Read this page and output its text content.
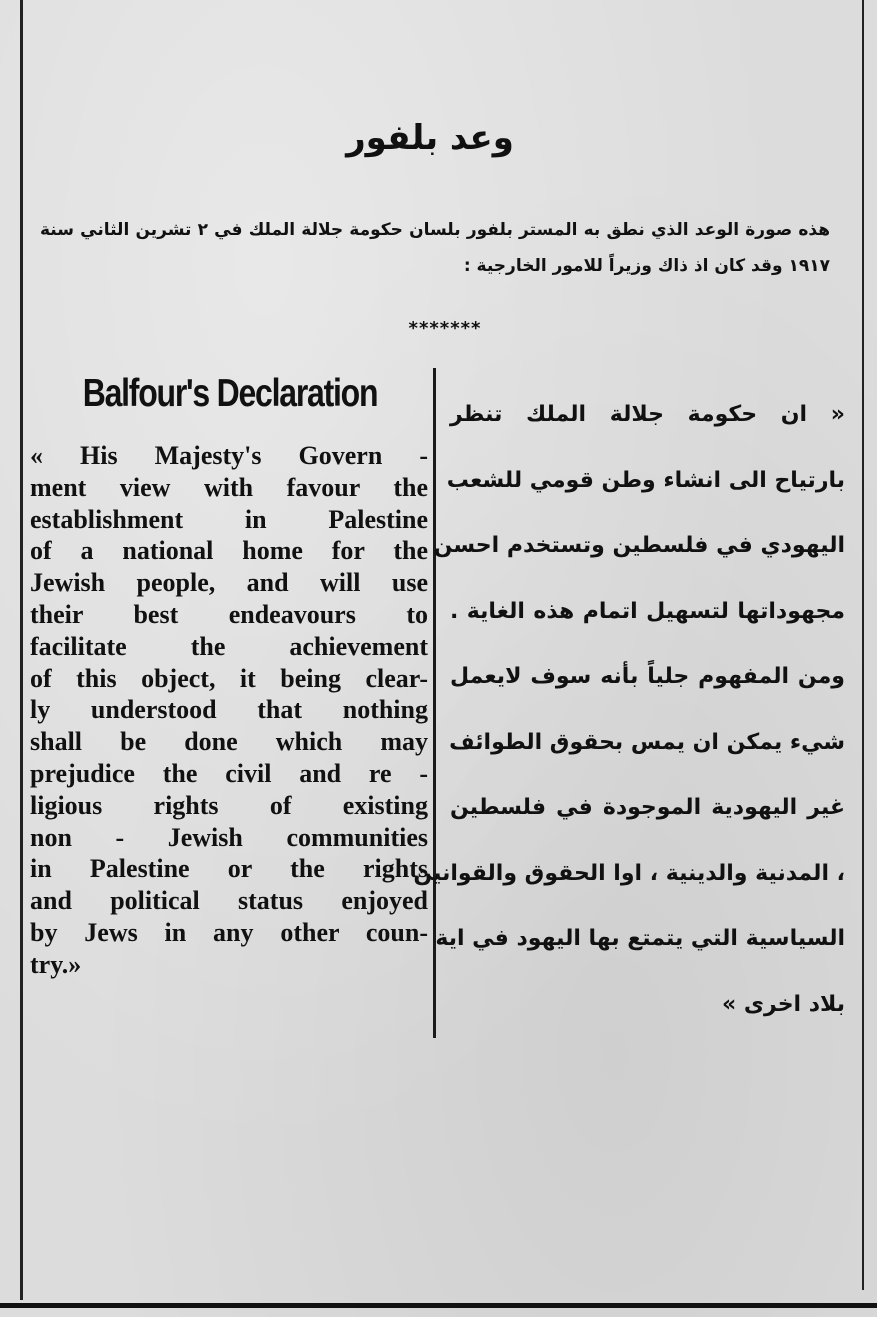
وعد بلفور
هذه صورة الوعد الذي نطق به المستر بلفور بلسان حكومة جلالة الملك في ٢ تشرين الثاني سنة ١٩١٧ وقد كان اذ ذاك وزيراً للامور الخارجية :
*******
Balfour's Declaration
« His Majesty's Govern -
ment view with favour the
establishment in Palestine
of a national home for the
Jewish people, and will use
their best endeavours to
facilitate the achievement
of this object, it being clear-
ly understood that nothing
shall be done which may
prejudice the civil and re -
ligious rights of existing
non - Jewish communities
in Palestine or the rights
and political status enjoyed
by Jews in any other coun-
try.»
« ان حكومة جلالة الملك تنظر
بارتياح الى انشاء وطن قومي للشعب
اليهودي في فلسطين وتستخدم احسن
مجهوداتها لتسهيل اتمام هذه الغاية .
ومن المفهوم جلياً بأنه سوف لايعمل
شيء يمكن ان يمس بحقوق الطوائف
غير اليهودية الموجودة في فلسطين
، المدنية والدينية ، اوا الحقوق والقوانين
السياسية التي يتمتع بها اليهود في اية
بلاد اخرى »
